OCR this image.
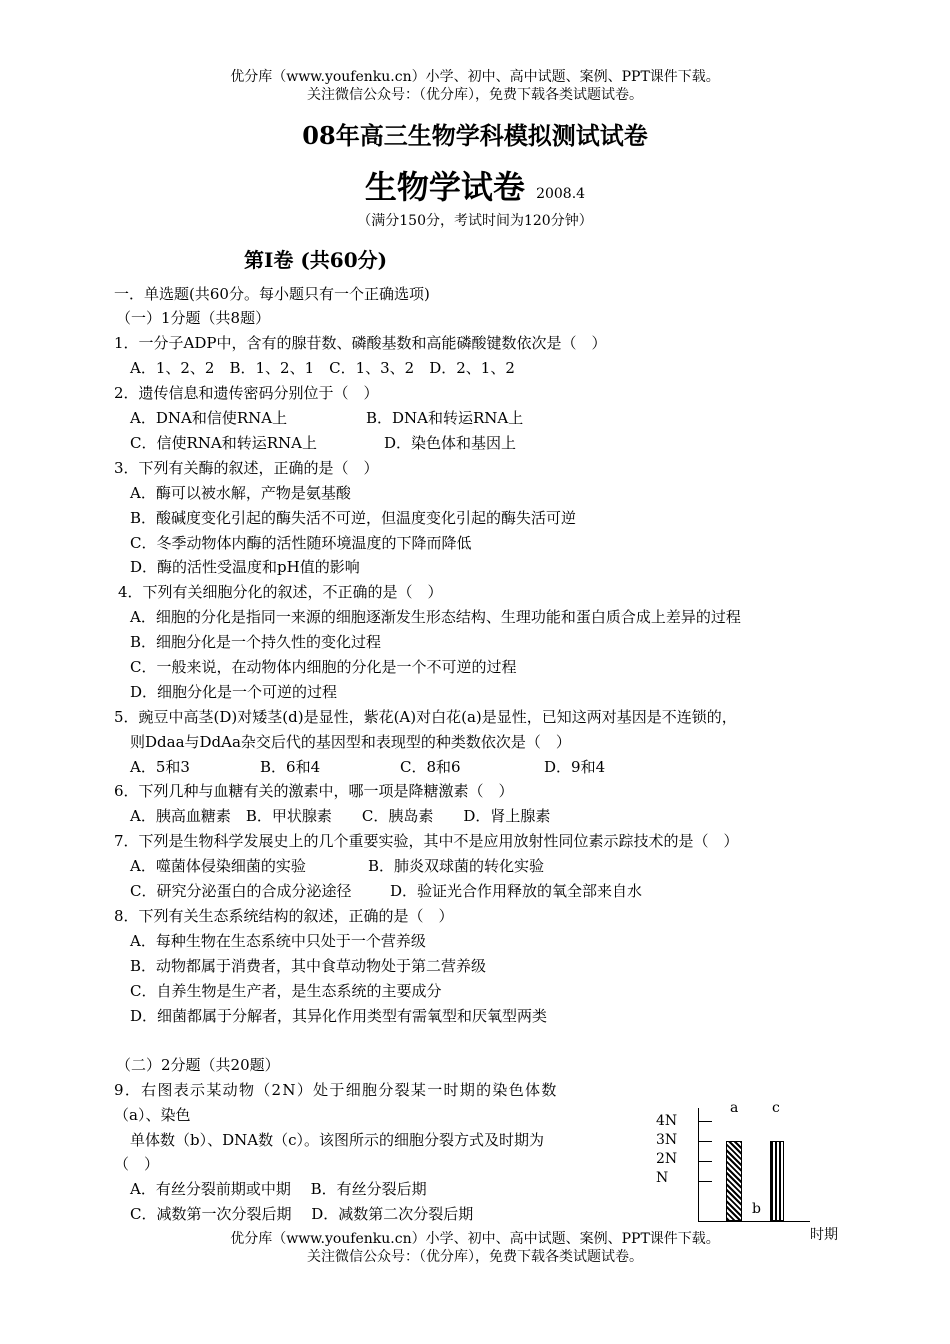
优分库（www.youfenku.cn）小学、初中、高中试题、案例、PPT课件下载。
关注微信公众号：（优分库），免费下载各类试题试卷。
08年高三生物学科模拟测试试卷
生物学试卷 2008.4
（满分150分，考试时间为120分钟）
第I卷 (共60分)
一．单选题(共60分。每小题只有一个正确选项)
（一）1分题（共8题）
1．一分子ADP中，含有的腺苷数、磷酸基数和高能磷酸键数依次是（　）
A．1、2、2　B．1、2、1　C．1、3、2　D．2、1、2
2．遗传信息和遗传密码分别位于（　）
A．DNA和信使RNA上	B．DNA和转运RNA上
C．信使RNA和转运RNA上	D．染色体和基因上
3．下列有关酶的叙述，正确的是（　）
A．酶可以被水解，产物是氨基酸
B．酸碱度变化引起的酶失活不可逆，但温度变化引起的酶失活可逆
C．冬季动物体内酶的活性随环境温度的下降而降低
D．酶的活性受温度和pH值的影响
4．下列有关细胞分化的叙述，不正确的是（　）
A．细胞的分化是指同一来源的细胞逐渐发生形态结构、生理功能和蛋白质合成上差异的过程
B．细胞分化是一个持久性的变化过程
C．一般来说，在动物体内细胞的分化是一个不可逆的过程
D．细胞分化是一个可逆的过程
5．豌豆中高茎(D)对矮茎(d)是显性，紫花(A)对白花(a)是显性，已知这两对基因是不连锁的，
则Ddaa与DdAa杂交后代的基因型和表现型的种类数依次是（　）
A．5和3	B．6和4	C．8和6	D．9和4
6．下列几种与血糖有关的激素中，哪一项是降糖激素（　）
A．胰高血糖素　B．甲状腺素　　C．胰岛素　　D．肾上腺素
7．下列是生物科学发展史上的几个重要实验，其中不是应用放射性同位素示踪技术的是（　）
A．噬菌体侵染细菌的实验	B．肺炎双球菌的转化实验
C．研究分泌蛋白的合成分泌途径	D．验证光合作用释放的氧全部来自水
8．下列有关生态系统结构的叙述，正确的是（　）
A．每种生物在生态系统中只处于一个营养级
B．动物都属于消费者，其中食草动物处于第二营养级
C．自养生物是生产者，是生态系统的主要成分
D．细菌都属于分解者，其异化作用类型有需氧型和厌氧型两类
（二）2分题（共20题）
9．右图表示某动物（2N）处于细胞分裂某一时期的染色体数
（a）、染色
单体数（b）、DNA数（c）。该图所示的细胞分裂方式及时期为
（　）
A．有丝分裂前期或中期　 B．有丝分裂后期
C．减数第一次分裂后期　 D．减数第二次分裂后期
4N
3N
2N
N
a
b
c
时期
优分库（www.youfenku.cn）小学、初中、高中试题、案例、PPT课件下载。
关注微信公众号：（优分库），免费下载各类试题试卷。
